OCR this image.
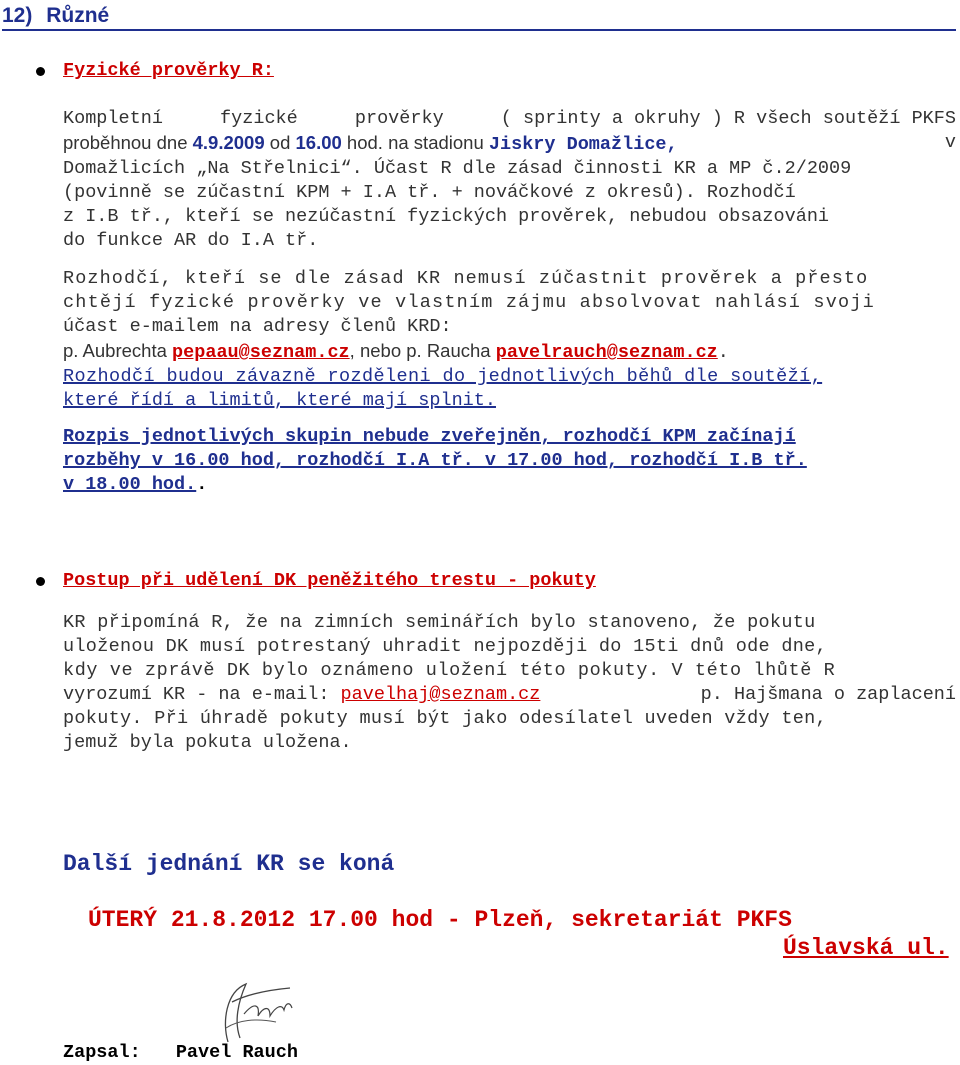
12) Různé
Fyzické prověrky R:
Kompletní	fyzické	prověrky	( sprinty a okruhy ) R všech soutěží PKFS
proběhnou dne 4.9.2009 od 16.00 hod. na stadionu Jiskry Domažlice,	v
Domažlicích „Na Střelnici“. Účast R dle zásad činnosti KR a MP č.2/2009
(povinně se zúčastní KPM + I.A tř. + nováčkové z okresů). Rozhodčí
z I.B tř., kteří se nezúčastní fyzických prověrek, nebudou obsazováni
do funkce AR do I.A tř.
Rozhodčí, kteří se dle zásad KR nemusí zúčastnit prověrek a přesto
chtějí fyzické prověrky ve vlastním zájmu absolvovat nahlásí svoji
účast e-mailem na adresy členů KRD:
p. Aubrechta pepaau@seznam.cz, nebo p. Raucha pavelrauch@seznam.cz.
Rozhodčí budou závazně rozděleni do jednotlivých běhů dle soutěží,
které řídí a limitů, které mají splnit.
Rozpis jednotlivých skupin nebude zveřejněn, rozhodčí KPM začínají
rozběhy v 16.00 hod, rozhodčí I.A tř. v 17.00 hod, rozhodčí I.B tř.
v 18.00 hod..
Postup při udělení DK peněžitého trestu - pokuty
KR připomíná R, že na zimních seminářích bylo stanoveno, že pokutu
uloženou DK musí potrestaný uhradit nejpozději do 15ti dnů ode dne,
kdy ve zprávě DK bylo oznámeno uložení této pokuty. V této lhůtě R
vyrozumí KR - na e-mail: pavelhaj@seznam.cz	p. Hajšmana o zaplacení
pokuty. Při úhradě pokuty musí být jako odesílatel uveden vždy ten,
jemuž byla pokuta uložena.
Další jednání KR se koná
ÚTERÝ 21.8.2012 17.00 hod - Plzeň, sekretariát PKFS
Úslavská ul.
Zapsal: Pavel Rauch
